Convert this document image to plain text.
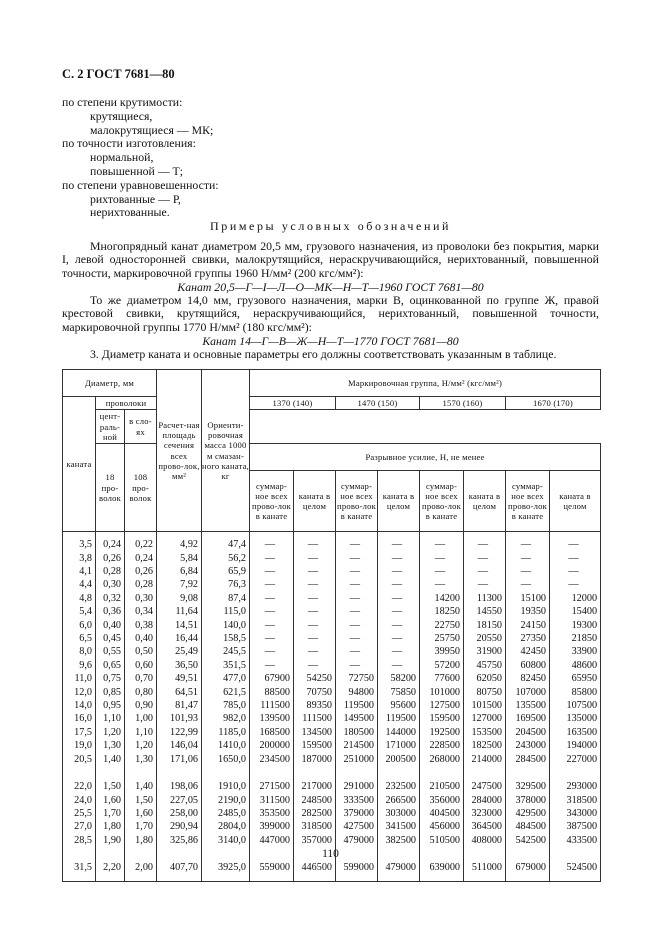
С. 2 ГОСТ 7681—80
по степени крутимости:
крутящиеся,
малокрутящиеся — МК;
по точности изготовления:
нормальной,
повышенной — Т;
по степени уравновешенности:
рихтованные — Р,
нерихтованные.
Примеры условных обозначений
Многопрядный канат диаметром 20,5 мм, грузового назначения, из проволоки без покрытия, марки I, левой односторонней свивки, малокрутящийся, нераскручивающийся, нерихтованный, повышенной точности, маркировочной группы 1960 Н/мм² (200 кгс/мм²):
Канат 20,5—Г—I—Л—О—МК—Н—Т—1960 ГОСТ 7681—80
То же диаметром 14,0 мм, грузового назначения, марки В, оцинкованной по группе Ж, правой крестовой свивки, крутящийся, нераскручивающийся, нерихтованный, повышенной точности, маркировочной группы 1770 Н/мм² (180 кгс/мм²):
Канат 14—Г—В—Ж—Н—Т—1770 ГОСТ 7681—80
3. Диаметр каната и основные параметры его должны соответствовать указанным в таблице.
Диаметр, мм			Расчет-ная площадь сечения всех прово-лок, мм²	Ориенти-ровочная масса 1000 м смазан-ного каната, кг	Маркировочная группа, Н/мм² (кгс/мм²)							
каната	проволоки				1370 (140)		1470 (150)		1570 (160)		1670 (170)	
	цент-раль-ной	в сло-ях										
	18 про-волок	108 про-волок			Разрывное усилие, Н, не менее							
					суммар-ное всех прово-лок в канате	каната в целом	суммар-ное всех прово-лок в канате	каната в целом	суммар-ное всех прово-лок в канате	каната в целом	суммар-ное всех прово-лок в канате	каната в целом

3,5	0,24	0,22	4,92	47,4	—	—	—	—	—	—	—	—
3,8	0,26	0,24	5,84	56,2	—	—	—	—	—	—	—	—
4,1	0,28	0,26	6,84	65,9	—	—	—	—	—	—	—	—
4,4	0,30	0,28	7,92	76,3	—	—	—	—	—	—	—	—
4,8	0,32	0,30	9,08	87,4	—	—	—	—	14200	11300	15100	12000
5,4	0,36	0,34	11,64	115,0	—	—	—	—	18250	14550	19350	15400
6,0	0,40	0,38	14,51	140,0	—	—	—	—	22750	18150	24150	19300
6,5	0,45	0,40	16,44	158,5	—	—	—	—	25750	20550	27350	21850
8,0	0,55	0,50	25,49	245,5	—	—	—	—	39950	31900	42450	33900
9,6	0,65	0,60	36,50	351,5	—	—	—	—	57200	45750	60800	48600
11,0	0,75	0,70	49,51	477,0	67900	54250	72750	58200	77600	62050	82450	65950
12,0	0,85	0,80	64,51	621,5	88500	70750	94800	75850	101000	80750	107000	85800
14,0	0,95	0,90	81,47	785,0	111500	89350	119500	95600	127500	101500	135500	107500
16,0	1,10	1,00	101,93	982,0	139500	111500	149500	119500	159500	127000	169500	135000
17,5	1,20	1,10	122,99	1185,0	168500	134500	180500	144000	192500	153500	204500	163500
19,0	1,30	1,20	146,04	1410,0	200000	159500	214500	171000	228500	182500	243000	194000
20,5	1,40	1,30	171,06	1650,0	234500	187000	251000	200500	268000	214000	284500	227000

22,0	1,50	1,40	198,06	1910,0	271500	217000	291000	232500	210500	247500	329500	293000
24,0	1,60	1,50	227,05	2190,0	311500	248500	333500	266500	356000	284000	378000	318500
25,5	1,70	1,60	258,00	2485,0	353500	282500	379000	303000	404500	323000	429500	343000
27,0	1,80	1,70	290,94	2804,0	399000	318500	427500	341500	456000	364500	484500	387500
28,5	1,90	1,80	325,86	3140,0	447000	357000	479000	382500	510500	408000	542500	433500

31,5	2,20	2,00	407,70	3925,0	559000	446500	599000	479000	639000	511000	679000	524500

110
